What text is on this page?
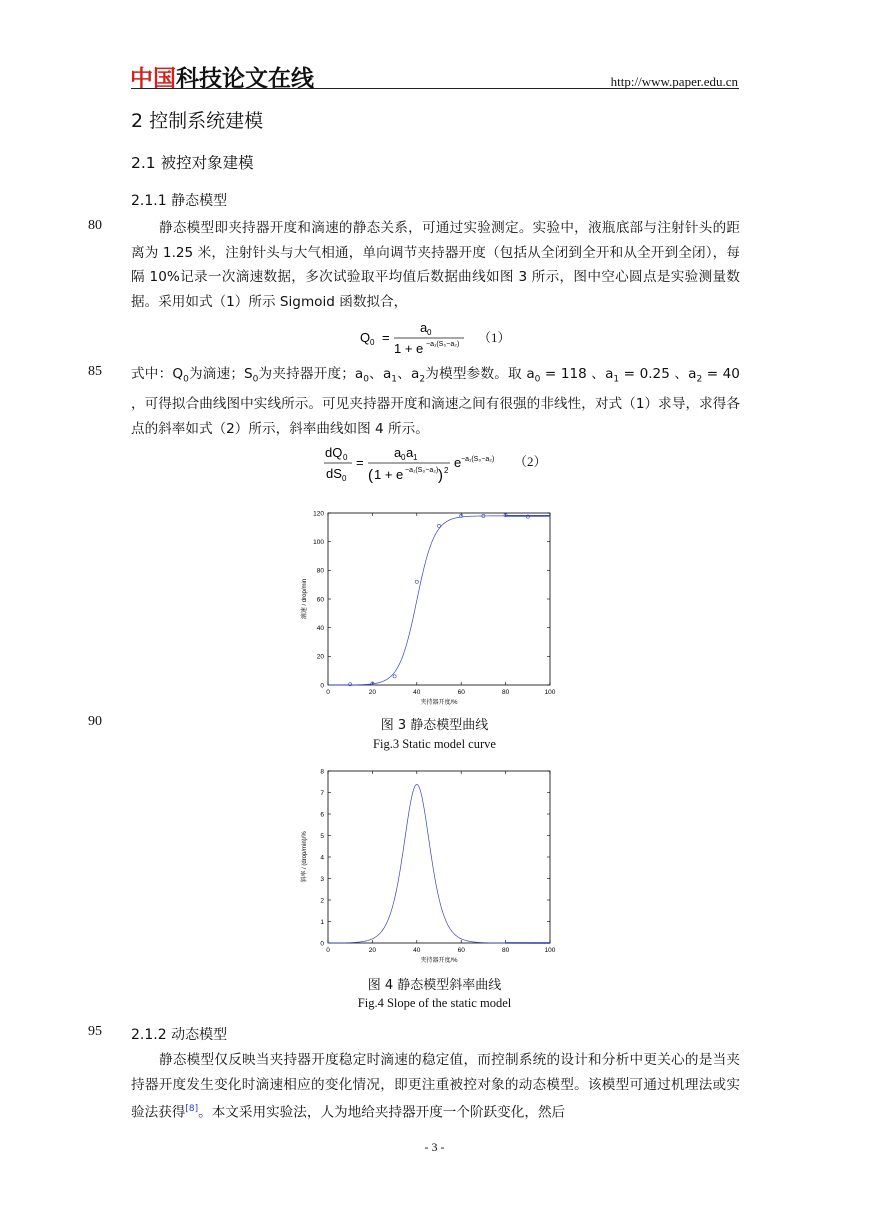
中国科技论文在线	http://www.paper.edu.cn
2 控制系统建模
2.1 被控对象建模
2.1.1 静态模型
80
85
90
95
静态模型即夹持器开度和滴速的静态关系，可通过实验测定。实验中，液瓶底部与注射针头的距离为 1.25 米，注射针头与大气相通，单向调节夹持器开度（包括从全闭到全开和从全开到全闭），每隔 10%记录一次滴速数据，多次试验取平均值后数据曲线如图 3 所示，图中空心圆点是实验测量数据。采用如式（1）所示 Sigmoid 函数拟合，
Q 0 =
a 0
1 + e −a₁(S₀−a₂) （1）
式中：$Q_0$为滴速；$S_0$为夹持器开度；$a_0$、$a_1$、$a_2$为模型参数。取 $a_0 = 118$ 、$a_1 = 0.25$ 、$a_2 = 40$ ，可得拟合曲线图中实线所示。可见夹持器开度和滴速之间有很强的非线性，对式（1）求导，求得各点的斜率如式（2）所示，斜率曲线如图 4 所示。
dQ 0
dS 0
=
a 0 a 1
( 1 + e −a₁(S₀−a₂) ) 2
e −a₁(S₀−a₂) （2）
0	20	40	60	80	100
0
20
40
60
80
100
120
夹持器开度/%
滴速 / drop/min
图 3 静态模型曲线
Fig.3 Static model curve
0	20	40	60	80	100
0
1
2
3
4
5
6
7
8
夹持器开度/%
斜率 / (drop/min)/%
图 4 静态模型斜率曲线
Fig.4 Slope of the static model
2.1.2 动态模型
静态模型仅反映当夹持器开度稳定时滴速的稳定值，而控制系统的设计和分析中更关心的是当夹持器开度发生变化时滴速相应的变化情况，即更注重被控对象的动态模型。该模型可通过机理法或实验法获得[8]。本文采用实验法，人为地给夹持器开度一个阶跃变化，然后
- 3 -
